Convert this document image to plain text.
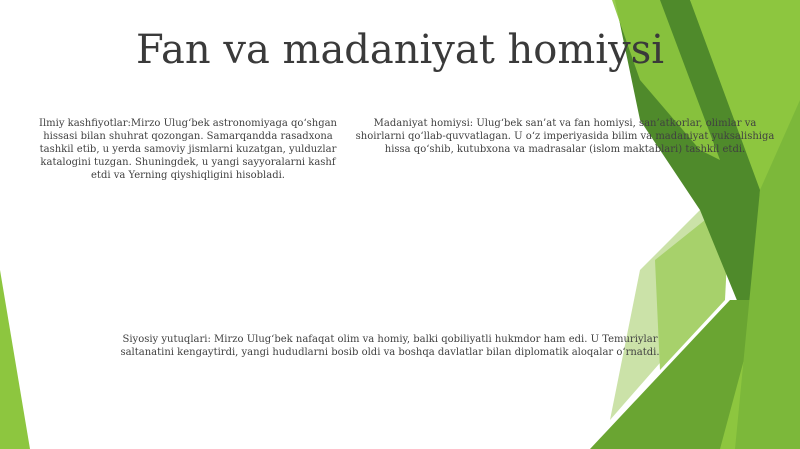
Fan va madaniyat homiysi

Ilmiy kashfiyotlar:Mirzo Ulug‘bek astronomiyaga qo‘shgan hissasi bilan shuhrat qozongan. Samarqandda rasadxona tashkil etib, u yerda samoviy jismlarni kuzatgan, yulduzlar katalogini tuzgan. Shuningdek, u yangi sayyoralarni kashf etdi va Yerning qiyshiqligini hisobladi.

Madaniyat homiysi: Ulug‘bek san’at va fan homiysi, san’atkorlar, olimlar va shoirlarni qo‘llab-quvvatlagan. U o‘z imperiyasida bilim va madaniyat yuksalishiga hissa qo‘shib, kutubxona va madrasalar (islom maktablari) tashkil etdi.

Siyosiy yutuqlari: Mirzo Ulug‘bek nafaqat olim va homiy, balki qobiliyatli hukmdor ham edi. U Temuriylar saltanatini kengaytirdi, yangi hududlarni bosib oldi va boshqa davlatlar bilan diplomatik aloqalar o‘rnatdi.
